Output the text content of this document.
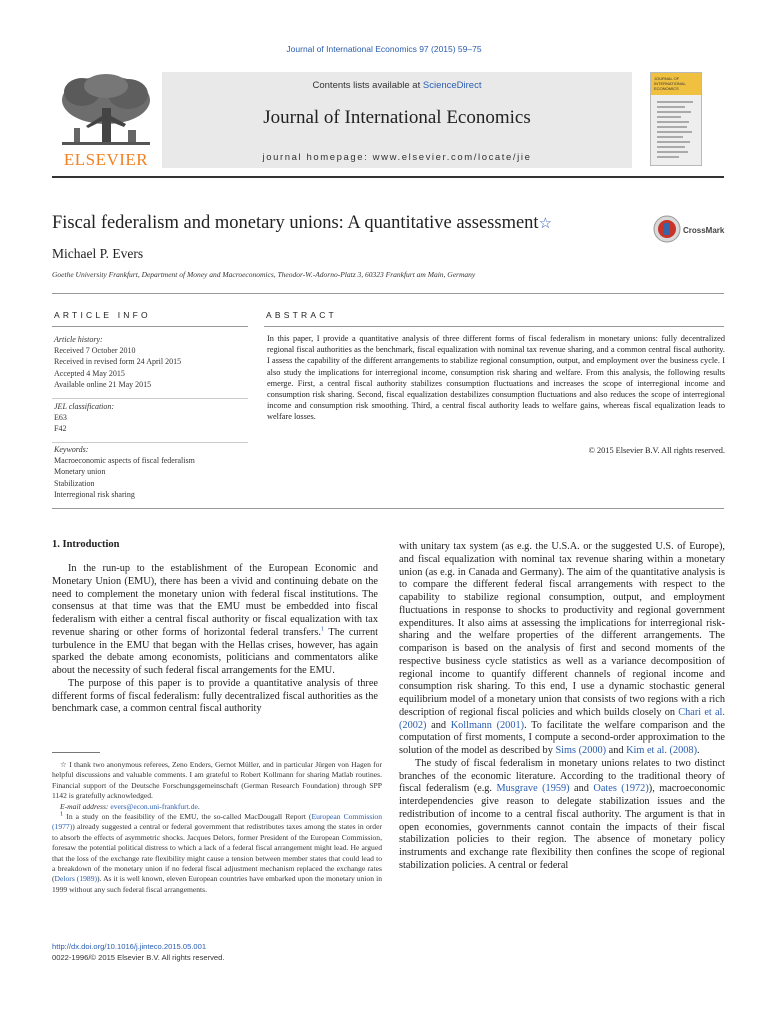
Journal of International Economics 97 (2015) 59–75
ELSEVIER
Contents lists available at ScienceDirect
Journal of International Economics
journal homepage: www.elsevier.com/locate/jie
JOURNAL OF INTERNATIONAL ECONOMICS
Fiscal federalism and monetary unions: A quantitative assessment☆	CrossMark
Michael P. Evers
Goethe University Frankfurt, Department of Money and Macroeconomics, Theodor-W.-Adorno-Platz 3, 60323 Frankfurt am Main, Germany
ARTICLE INFO	ABSTRACT
Article history:
Received 7 October 2010
Received in revised form 24 April 2015
Accepted 4 May 2015
Available online 21 May 2015
JEL classification:
E63
F42
Keywords:
Macroeconomic aspects of fiscal federalism
Monetary union
Stabilization
Interregional risk sharing
In this paper, I provide a quantitative analysis of three different forms of fiscal federalism in monetary unions: fully decentralized regional fiscal authorities as the benchmark, fiscal equalization with nominal tax revenue sharing, and a common central fiscal authority. I assess the capability of the different arrangements to stabilize regional consumption, output, and employment over the business cycle. I also study the implications for interregional income, consumption risk sharing and welfare. From this analysis, the following results emerge. First, a central fiscal authority stabilizes consumption fluctuations and increases the scope of interregional income and consumption risk sharing. Second, fiscal equalization destabilizes consumption fluctuations and also reduces the scope of interregional income and consumption risk smoothing. Third, a central fiscal authority leads to welfare gains, whereas fiscal equalization leads to welfare losses.
© 2015 Elsevier B.V. All rights reserved.
1. Introduction

In the run-up to the establishment of the European Economic and Monetary Union (EMU), there has been a vivid and continuing debate on the need to complement the monetary union with federal fiscal institutions. The consensus at that time was that the EMU must be embedded into fiscal federalism with either a central fiscal authority or fiscal equalization with tax revenue sharing or other forms of horizontal federal transfers.$^1$ The current turbulence in the EMU that began with the Hellas crises, however, has again sparked the debate among economists, politicians and commentators alike about the necessity of such federal fiscal arrangements for the EMU.

The purpose of this paper is to provide a quantitative analysis of three different forms of fiscal federalism: fully decentralized fiscal authorities as the benchmark case, a common central fiscal authority

with unitary tax system (as e.g. the U.S.A. or the suggested U.S. of Europe), and fiscal equalization with nominal tax revenue sharing within a monetary union (as e.g. in Canada and Germany). The aim of the quantitative analysis is to compare the different federal fiscal arrangements with respect to the capability to stabilize regional consumption, output, and employment fluctuations in response to shocks to productivity and regional government expenditures. It also aims at assessing the implications for interregional risk-sharing and the welfare properties of the different arrangements. The comparison is based on the analysis of first and second moments of the respective business cycle statistics as well as a variance decomposition of regional income to quantify different channels of regional income and consumption risk sharing. To this end, I use a dynamic stochastic general equilibrium model of a monetary union that consists of two regions with a rich description of regional fiscal policies and which builds closely on Chari et al. (2002) and Kollmann (2001). To facilitate the welfare comparison and the computation of first moments, I compute a second-order approximation to the solution of the model as described by Sims (2000) and Kim et al. (2008).

The study of fiscal federalism in monetary unions relates to two distinct branches of the economic literature. According to the traditional theory of fiscal federalism (e.g. Musgrave (1959) and Oates (1972)), macroeconomic interdependencies give reason to delegate stabilization issues and the redistribution of income to a central fiscal authority. The argument is that in open economies, governments cannot contain the impacts of their fiscal stabilization policies to their region. The absence of monetary policy instruments and exchange rate flexibility then confines the scope of regional stabilization policies. A central or federal

☆ I thank two anonymous referees, Zeno Enders, Gernot Müller, and in particular Jürgen von Hagen for helpful discussions and valuable comments. I am grateful to Robert Kollmann for sharing Matlab routines. Financial support of the Deutsche Forschungsgemeinschaft (German Research Foundation) through SPP 1142 is gratefully acknowledged.

E-mail address: evers@econ.uni-frankfurt.de.

$^1$ In a study on the feasibility of the EMU, the so-called MacDougall Report (European Commission (1977)) already suggested a central or federal government that redistributes taxes among the states in order to absorb the effects of asymmetric shocks. Jacques Delors, former President of the European Commission, foresaw the potential political distress to which a lack of a federal fiscal arrangement might lead. He argued that the loss of the exchange rate flexibility might cause a tension between member states that could lead to a breakdown of the monetary union if no federal fiscal adjustment mechanism replaced the exchange rates (Delors (1989)). As it is well known, eleven European countries have embarked upon the monetary union in 1999 without any such federal fiscal arrangements.

http://dx.doi.org/10.1016/j.jinteco.2015.05.001
0022-1996/© 2015 Elsevier B.V. All rights reserved.
